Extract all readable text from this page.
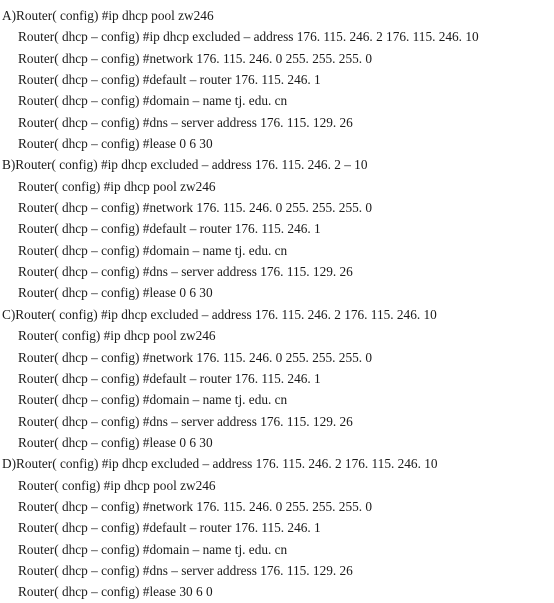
A)Router( config) #ip dhcp pool zw246
Router( dhcp – config) #ip dhcp excluded – address 176. 115. 246. 2 176. 115. 246. 10
Router( dhcp – config) #network 176. 115. 246. 0 255. 255. 255. 0
Router( dhcp – config) #default – router 176. 115. 246. 1
Router( dhcp – config) #domain – name tj. edu. cn
Router( dhcp – config) #dns – server address 176. 115. 129. 26
Router( dhcp – config) #lease 0 6 30
B)Router( config) #ip dhcp excluded – address 176. 115. 246. 2 – 10
Router( config) #ip dhcp pool zw246
Router( dhcp – config) #network 176. 115. 246. 0 255. 255. 255. 0
Router( dhcp – config) #default – router 176. 115. 246. 1
Router( dhcp – config) #domain – name tj. edu. cn
Router( dhcp – config) #dns – server address 176. 115. 129. 26
Router( dhcp – config) #lease 0 6 30
C)Router( config) #ip dhcp excluded – address 176. 115. 246. 2 176. 115. 246. 10
Router( config) #ip dhcp pool zw246
Router( dhcp – config) #network 176. 115. 246. 0 255. 255. 255. 0
Router( dhcp – config) #default – router 176. 115. 246. 1
Router( dhcp – config) #domain – name tj. edu. cn
Router( dhcp – config) #dns – server address 176. 115. 129. 26
Router( dhcp – config) #lease 0 6 30
D)Router( config) #ip dhcp excluded – address 176. 115. 246. 2 176. 115. 246. 10
Router( config) #ip dhcp pool zw246
Router( dhcp – config) #network 176. 115. 246. 0 255. 255. 255. 0
Router( dhcp – config) #default – router 176. 115. 246. 1
Router( dhcp – config) #domain – name tj. edu. cn
Router( dhcp – config) #dns – server address 176. 115. 129. 26
Router( dhcp – config) #lease 30 6 0
